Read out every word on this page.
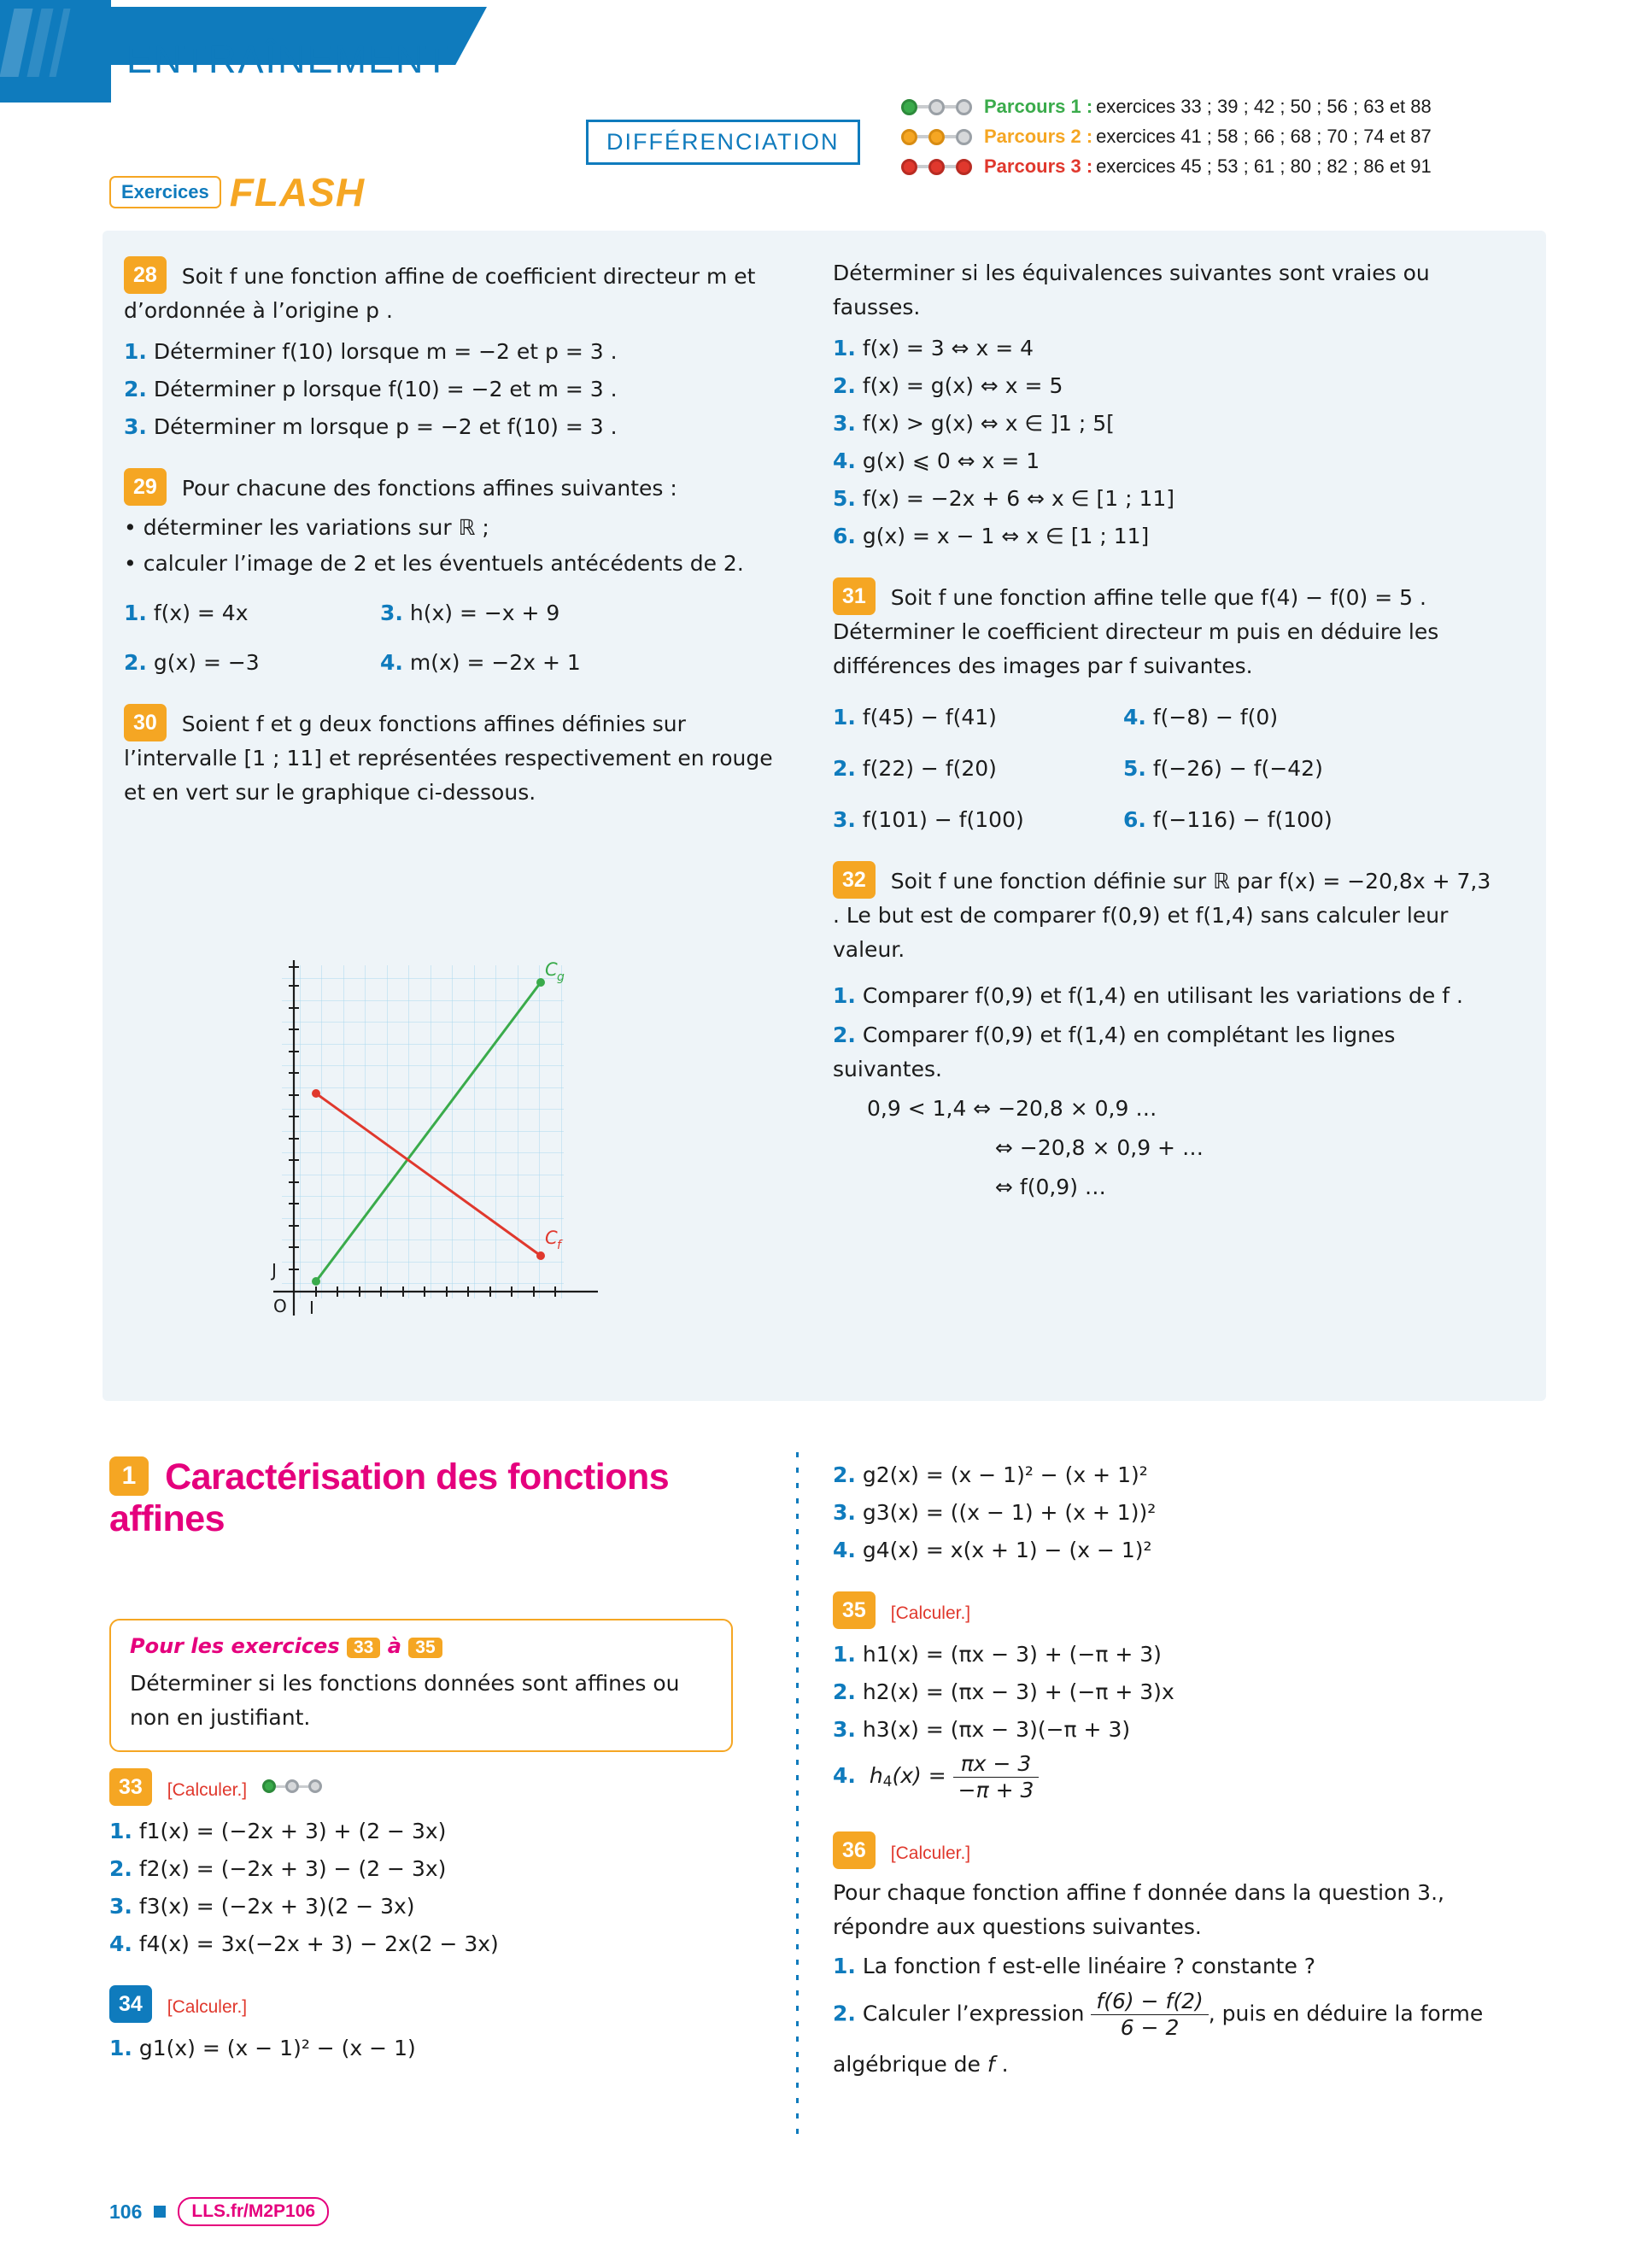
ENTRAÎNEMENT
Exercices FLASH
DIFFÉRENCIATION
Parcours 1 : exercices 33 ; 39 ; 42 ; 50 ; 56 ; 63 et 88
Parcours 2 : exercices 41 ; 58 ; 66 ; 68 ; 70 ; 74 et 87
Parcours 3 : exercices 45 ; 53 ; 61 ; 80 ; 82 ; 86 et 91

28 Soit f une fonction affine de coefficient directeur m et d’ordonnée à l’origine p .

1. Déterminer f(10) lorsque m = −2 et p = 3 .

2. Déterminer p lorsque f(10) = −2 et m = 3 .

3. Déterminer m lorsque p = −2 et f(10) = 3 .

29 Pour chacune des fonctions affines suivantes :

• déterminer les variations sur ℝ ;

• calculer l’image de 2 et les éventuels antécédents de 2.

1. f(x) = 4x

2. g(x) = −3

3. h(x) = −x + 9

4. m(x) = −2x + 1

30 Soient f et g deux fonctions affines définies sur l’intervalle [1 ; 11] et représentées respectivement en rouge et en vert sur le graphique ci-dessous.

C g
C f
J
O I

Déterminer si les équivalences suivantes sont vraies ou fausses.

1. f(x) = 3 ⇔ x = 4

2. f(x) = g(x) ⇔ x = 5

3. f(x) > g(x) ⇔ x ∈ ]1 ; 5[

4. g(x) ⩽ 0 ⇔ x = 1

5. f(x) = −2x + 6 ⇔ x ∈ [1 ; 11]

6. g(x) = x − 1 ⇔ x ∈ [1 ; 11]

31 Soit f une fonction affine telle que f(4) − f(0) = 5 . Déterminer le coefficient directeur m puis en déduire les différences des images par f suivantes.

1. f(45) − f(41)

2. f(22) − f(20)

3. f(101) − f(100)

4. f(−8) − f(0)

5. f(−26) − f(−42)

6. f(−116) − f(100)

32 Soit f une fonction définie sur ℝ par f(x) = −20,8x + 7,3 . Le but est de comparer f(0,9) et f(1,4) sans calculer leur valeur.

1. Comparer f(0,9) et f(1,4) en utilisant les variations de f .

2. Comparer f(0,9) et f(1,4) en complétant les lignes suivantes.

0,9 < 1,4 ⇔ −20,8 × 0,9 …

⇔ −20,8 × 0,9 + …

⇔ f(0,9) …

1 Caractérisation des fonctions affines
Pour les exercices 33 à 35
Déterminer si les fonctions données sont affines ou non en justifiant.

33 [Calculer.]

1. f1(x) = (−2x + 3) + (2 − 3x)

2. f2(x) = (−2x + 3) − (2 − 3x)

3. f3(x) = (−2x + 3)(2 − 3x)

4. f4(x) = 3x(−2x + 3) − 2x(2 − 3x)

34 [Calculer.]

1. g1(x) = (x − 1)² − (x − 1)

2. g2(x) = (x − 1)² − (x + 1)²

3. g3(x) = ((x − 1) + (x + 1))²

4. g4(x) = x(x + 1) − (x − 1)²

35 [Calculer.]

1. h1(x) = (πx − 3) + (−π + 3)

2. h2(x) = (πx − 3) + (−π + 3)x

3. h3(x) = (πx − 3)(−π + 3)

4. $h_4(x) = \frac{\pi x - 3}{-\pi + 3}$

36 [Calculer.]

Pour chaque fonction affine f donnée dans la question 3., répondre aux questions suivantes.

1. La fonction f est-elle linéaire ? constante ?

2. Calculer l’expression $\frac{f(6) - f(2)}{6 - 2}$ , puis en déduire la forme algébrique de f .

106	LLS.fr/M2P106
